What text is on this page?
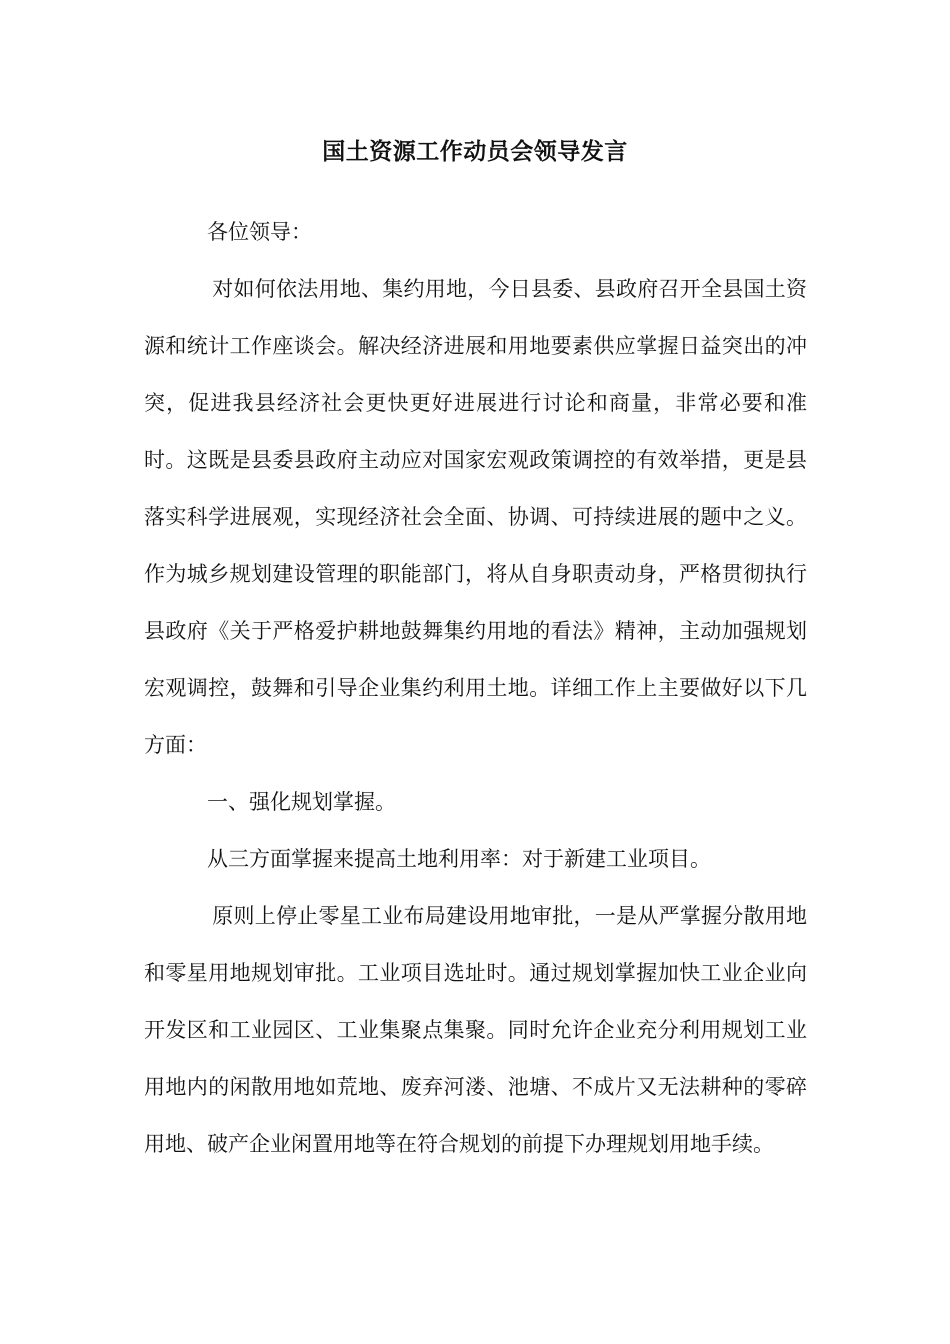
国土资源工作动员会领导发言

各位领导：

对如何依法用地、集约用地，今日县委、县政府召开全县国土资源和统计工作座谈会。解决经济进展和用地要素供应掌握日益突出的冲突，促进我县经济社会更快更好进展进行讨论和商量，非常必要和准时。这既是县委县政府主动应对国家宏观政策调控的有效举措，更是县落实科学进展观，实现经济社会全面、协调、可持续进展的题中之义。作为城乡规划建设管理的职能部门，将从自身职责动身，严格贯彻执行县政府《关于严格爱护耕地鼓舞集约用地的看法》精神，主动加强规划宏观调控，鼓舞和引导企业集约利用土地。详细工作上主要做好以下几方面：

一、强化规划掌握。

从三方面掌握来提高土地利用率：对于新建工业项目。

原则上停止零星工业布局建设用地审批，一是从严掌握分散用地和零星用地规划审批。工业项目选址时。通过规划掌握加快工业企业向开发区和工业园区、工业集聚点集聚。同时允许企业充分利用规划工业用地内的闲散用地如荒地、废弃河溇、池塘、不成片又无法耕种的零碎用地、破产企业闲置用地等在符合规划的前提下办理规划用地手续。
